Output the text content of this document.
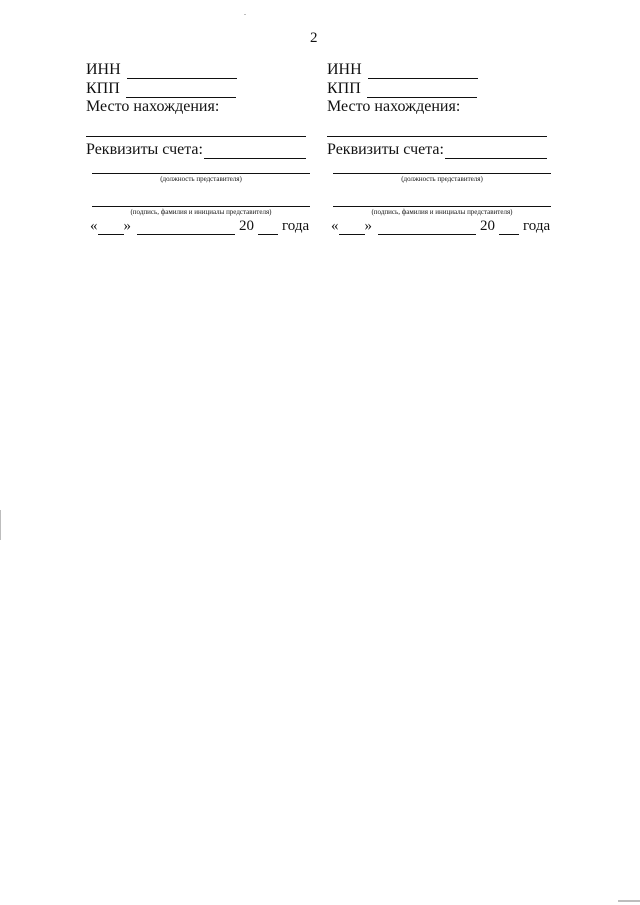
2
ИНН
КПП
Место нахождения:
Реквизиты счета:
(должность представителя)
(подпись, фамилия и инициалы представителя)
« »	20 года
ИНН
КПП
Место нахождения:
Реквизиты счета:
(должность представителя)
(подпись, фамилия и инициалы представителя)
« »	20 года
